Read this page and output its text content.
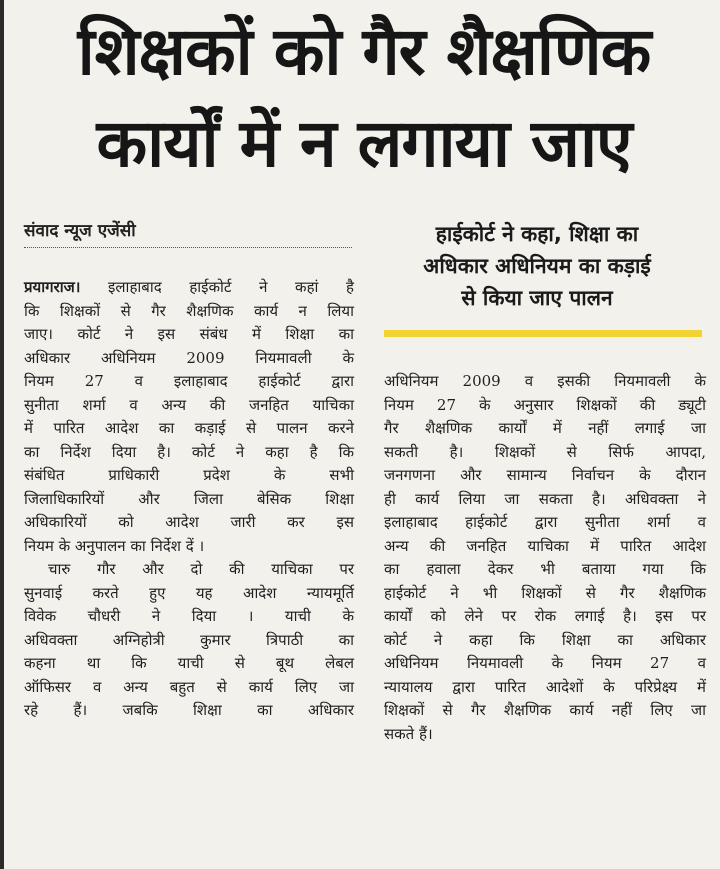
शिक्षकों को गैर शैक्षणिक
कार्यों में न लगाया जाए
संवाद न्यूज एजेंसी	हाईकोर्ट ने कहा, शिक्षा का
अधिकार अधिनियम का कड़ाई
से किया जाए पालन
प्रयागराज। इलाहाबाद हाईकोर्ट ने कहां है
कि शिक्षकों से गैर शैक्षणिक कार्य न लिया
जाए। कोर्ट ने इस संबंध में शिक्षा का
अधिकार अधिनियम 2009 नियमावली के
नियम 27 व इलाहाबाद हाईकोर्ट द्वारा
सुनीता शर्मा व अन्य की जनहित याचिका
में पारित आदेश का कड़ाई से पालन करने
का निर्देश दिया है। कोर्ट ने कहा है कि
संबंधित प्राधिकारी प्रदेश के सभी
जिलाधिकारियों और जिला बेसिक शिक्षा
अधिकारियों को आदेश जारी कर इस
नियम के अनुपालन का निर्देश दें ।
चारु गौर और दो की याचिका पर
सुनवाई करते हुए यह आदेश न्यायमूर्ति
विवेक चौधरी ने दिया । याची के
अधिवक्ता अग्निहोत्री कुमार त्रिपाठी का
कहना था कि याची से बूथ लेबल
ऑफिसर व अन्य बहुत से कार्य लिए जा
रहे हैं। जबकि शिक्षा का अधिकार
अधिनियम 2009 व इसकी नियमावली के
नियम 27 के अनुसार शिक्षकों की ड्यूटी
गैर शैक्षणिक कार्यों में नहीं लगाई जा
सकती है। शिक्षकों से सिर्फ आपदा,
जनगणना और सामान्य निर्वाचन के दौरान
ही कार्य लिया जा सकता है। अधिवक्ता ने
इलाहाबाद हाईकोर्ट द्वारा सुनीता शर्मा व
अन्य की जनहित याचिका में पारित आदेश
का हवाला देकर भी बताया गया कि
हाईकोर्ट ने भी शिक्षकों से गैर शैक्षणिक
कार्यों को लेने पर रोक लगाई है। इस पर
कोर्ट ने कहा कि शिक्षा का अधिकार
अधिनियम नियमावली के नियम 27 व
न्यायालय द्वारा पारित आदेशों के परिप्रेक्ष्य में
शिक्षकों से गैर शैक्षणिक कार्य नहीं लिए जा
सकते हैं।
